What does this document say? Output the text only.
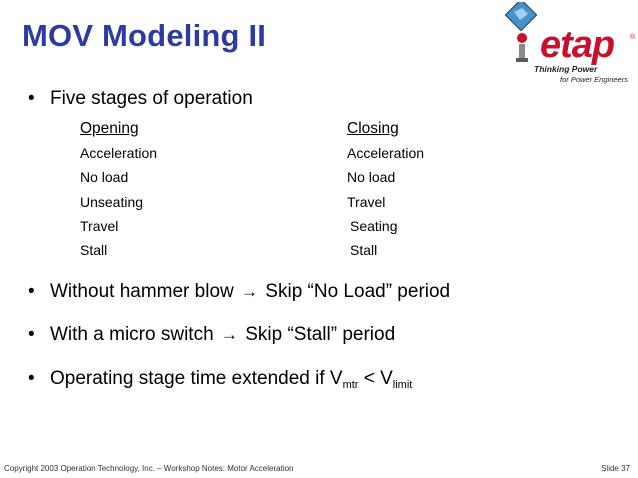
MOV Modeling II	etap ®
Thinking Power
for Power Engineers
• Five stages of operation
Opening
Acceleration
No load
Unseating
Travel
Stall
Closing
Acceleration
No load
Travel
Seating
Stall
• Without hammer blow → Skip “No Load” period
• With a micro switch → Skip “Stall” period
• Operating stage time extended if $V_{mtr} < V_{limit}$
Copyright 2003 Operation Technology, Inc. – Workshop Notes: Motor Acceleration	Slide 37
